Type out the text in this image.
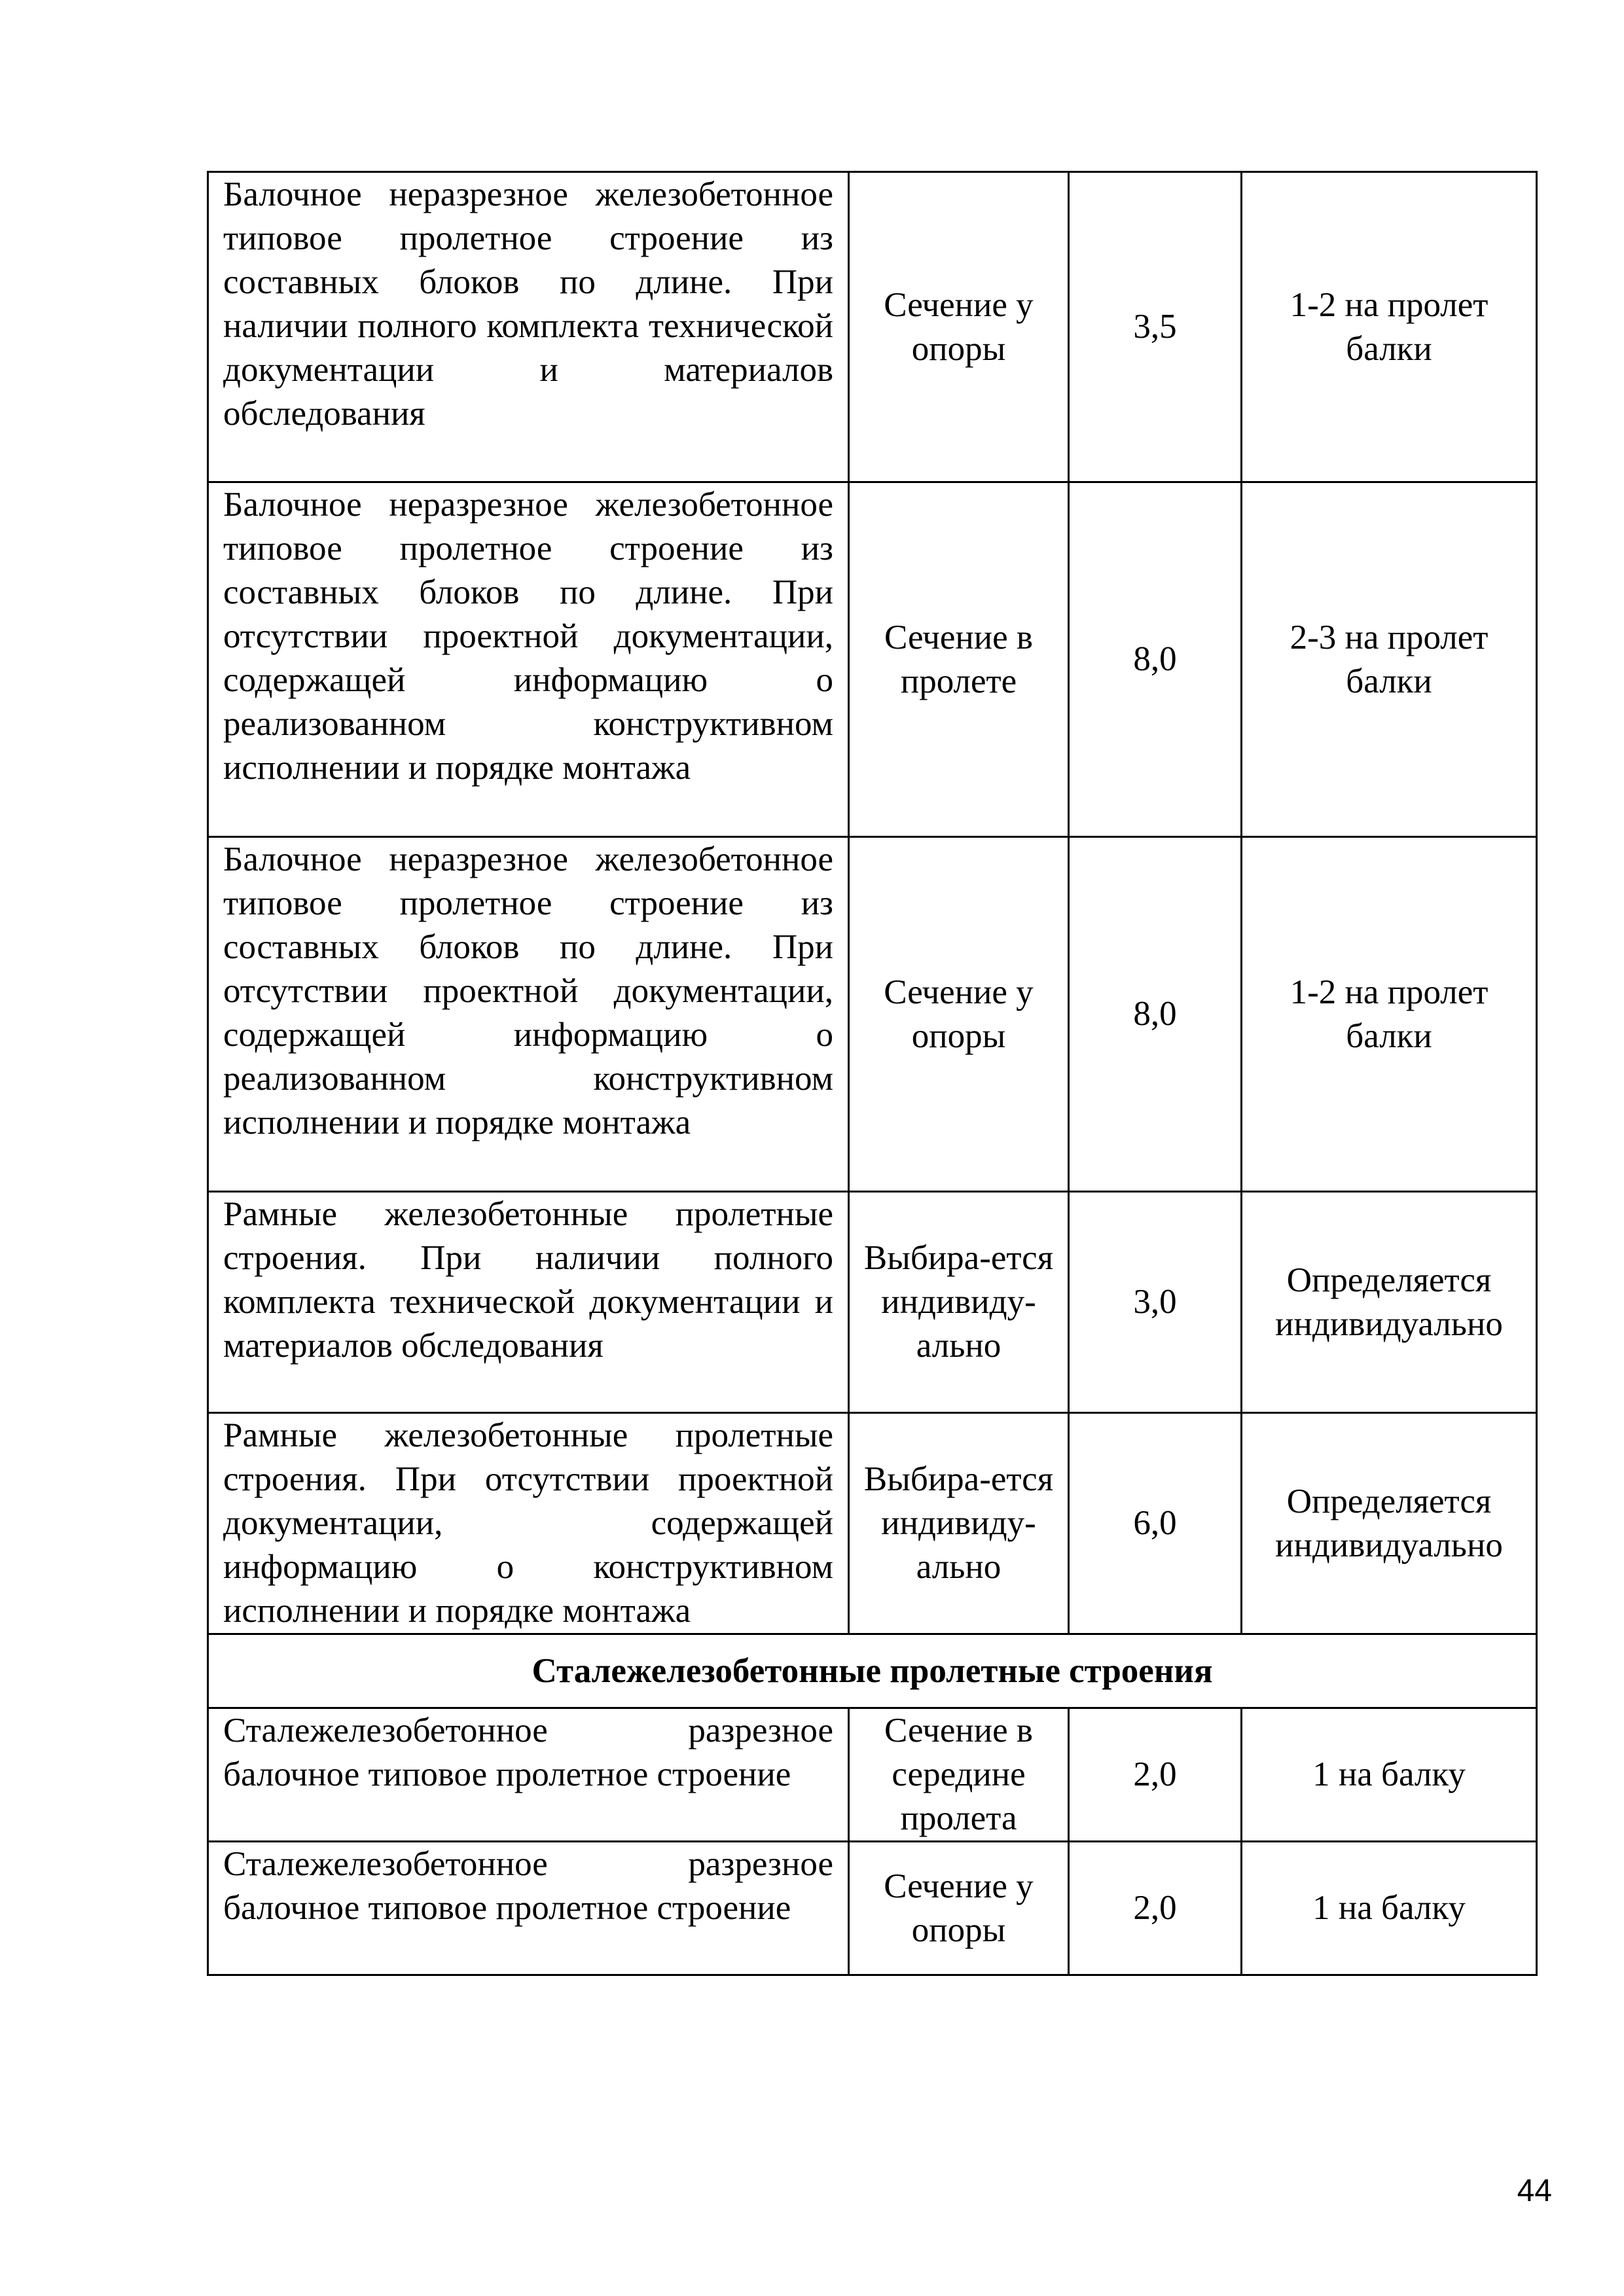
Балочное неразрезное железобетонное типовое пролетное строение из составных блоков по длине. При наличии полного комплекта технической документации и материалов обследования	Сечение у опоры	3,5	1-2 на пролет балки
Балочное неразрезное железобетонное типовое пролетное строение из составных блоков по длине. При отсутствии проектной документации, содержащей информацию о реализованном конструктивном исполнении и порядке монтажа	Сечение в пролете	8,0	2-3 на пролет балки
Балочное неразрезное железобетонное типовое пролетное строение из составных блоков по длине. При отсутствии проектной документации, содержащей информацию о реализованном конструктивном исполнении и порядке монтажа	Сечение у опоры	8,0	1-2 на пролет балки
Рамные железобетонные пролетные строения. При наличии полного комплекта технической документации и материалов обследования	Выбира-ется индивиду-ально	3,0	Определяется индивидуально
Рамные железобетонные пролетные строения. При отсутствии проектной документации, содержащей информацию о конструктивном исполнении и порядке монтажа	Выбира-ется индивиду-ально	6,0	Определяется индивидуально
Сталежелезобетонные пролетные строения			
Сталежелезобетонное разрезное балочное типовое пролетное строение	Сечение в середине пролета	2,0	1 на балку
Сталежелезобетонное разрезное балочное типовое пролетное строение	Сечение у опоры	2,0	1 на балку
44
